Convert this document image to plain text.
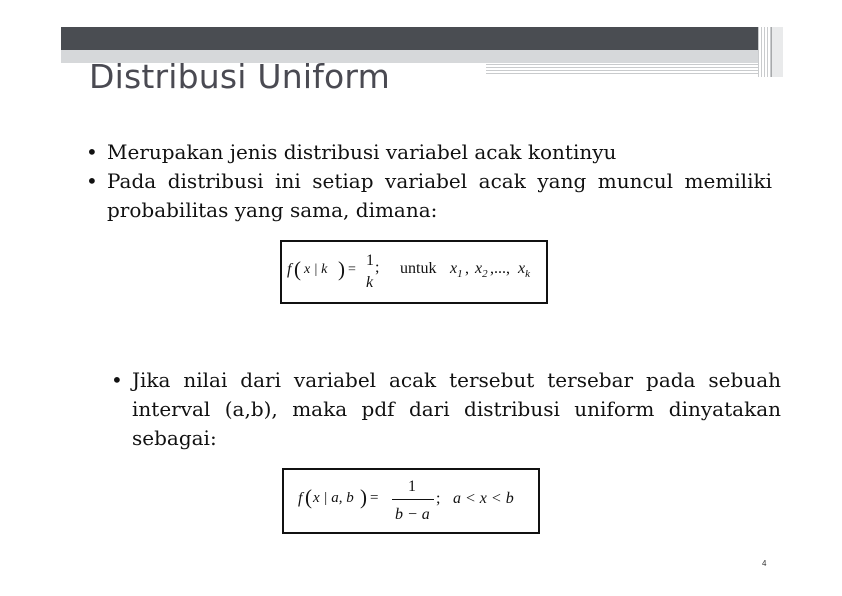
Distribusi Uniform
• Merupakan jenis distribusi variabel acak kontinyu
• Pada distribusi ini setiap variabel acak yang muncul memiliki probabilitas yang sama, dimana:
f ( x | k ) =
1
k
; untuk $x_1$ , $x_2$ ,..., $x_k$
• Jika nilai dari variabel acak tersebut tersebar pada sebuah interval (a,b), maka pdf dari distribusi uniform dinyatakan sebagai:
f ( x | a, b ) =
1
b − a
; a < x < b
4
